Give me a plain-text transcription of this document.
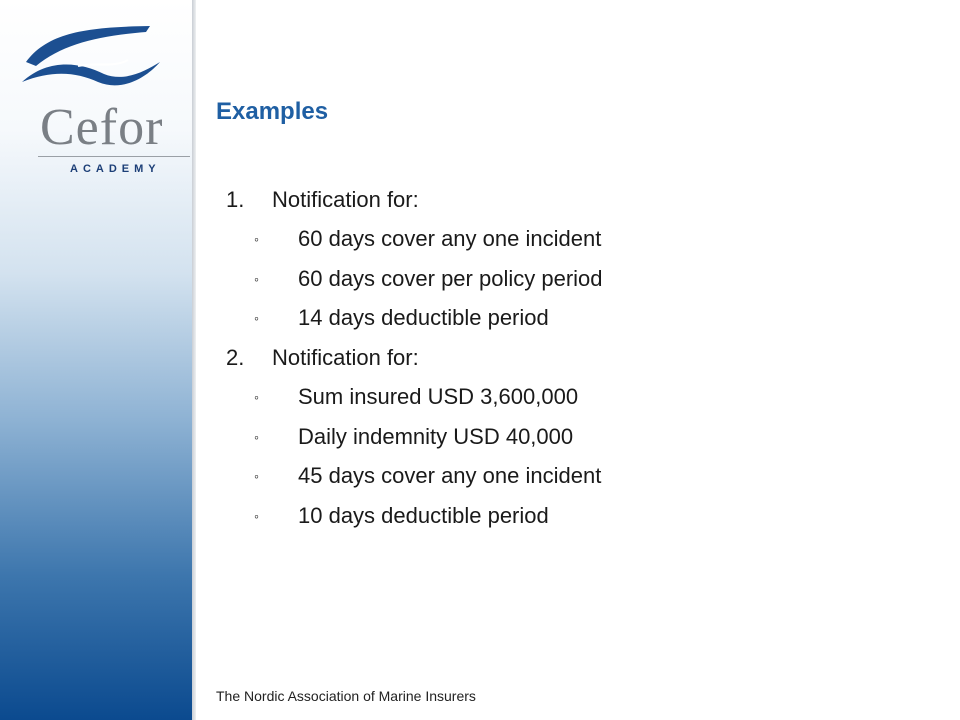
Cefor
ACADEMY
Examples
1.	Notification for:
◦	60 days cover any one incident
◦	60 days cover per policy period
◦	14 days deductible period
2.	Notification for:
◦	Sum insured USD 3,600,000
◦	Daily indemnity USD 40,000
◦	45 days cover any one incident
◦	10 days deductible period
The Nordic Association of Marine Insurers
